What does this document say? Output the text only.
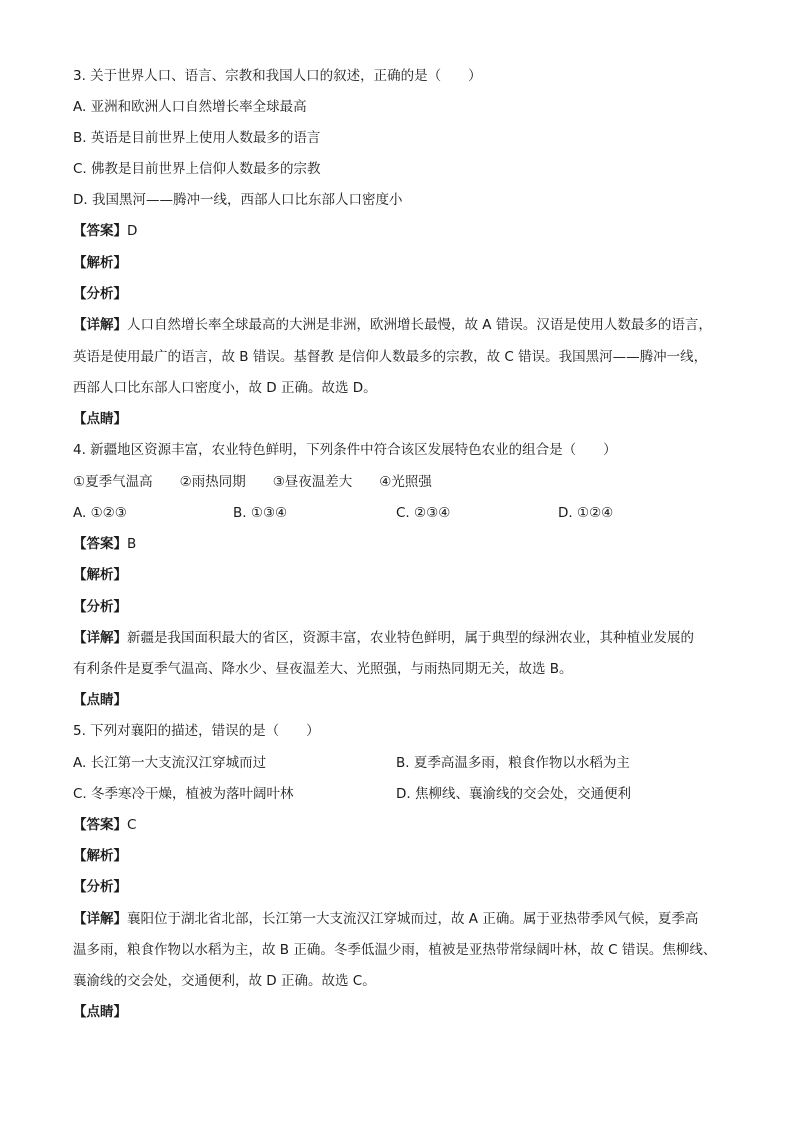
3. 关于世界人口、语言、宗教和我国人口的叙述，正确的是（　　）
A. 亚洲和欧洲人口自然增长率全球最高
B. 英语是目前世界上使用人数最多的语言
C. 佛教是目前世界上信仰人数最多的宗教
D. 我国黑河——腾冲一线，西部人口比东部人口密度小
【答案】D
【解析】
【分析】
【详解】人口自然增长率全球最高的大洲是非洲，欧洲增长最慢，故 A 错误。汉语是使用人数最多的语言，
英语是使用最广的语言，故 B 错误。基督教 是信仰人数最多的宗教，故 C 错误。我国黑河——腾冲一线，
西部人口比东部人口密度小，故 D 正确。故选 D。
【点睛】
4. 新疆地区资源丰富，农业特色鲜明，下列条件中符合该区发展特色农业的组合是（　　）
①夏季气温高　　②雨热同期　　③昼夜温差大　　④光照强
A. ①②③	B. ①③④	C. ②③④	D. ①②④
【答案】B
【解析】
【分析】
【详解】新疆是我国面积最大的省区，资源丰富，农业特色鲜明，属于典型的绿洲农业，其种植业发展的
有利条件是夏季气温高、降水少、昼夜温差大、光照强，与雨热同期无关，故选 B。
【点睛】
5. 下列对襄阳的描述，错误的是（　　）
A. 长江第一大支流汉江穿城而过	B. 夏季高温多雨，粮食作物以水稻为主
C. 冬季寒冷干燥，植被为落叶阔叶林	D. 焦柳线、襄渝线的交会处，交通便利
【答案】C
【解析】
【分析】
【详解】襄阳位于湖北省北部，长江第一大支流汉江穿城而过，故 A 正确。属于亚热带季风气候，夏季高
温多雨，粮食作物以水稻为主，故 B 正确。冬季低温少雨，植被是亚热带常绿阔叶林，故 C 错误。焦柳线、
襄渝线的交会处，交通便利，故 D 正确。故选 C。
【点睛】
